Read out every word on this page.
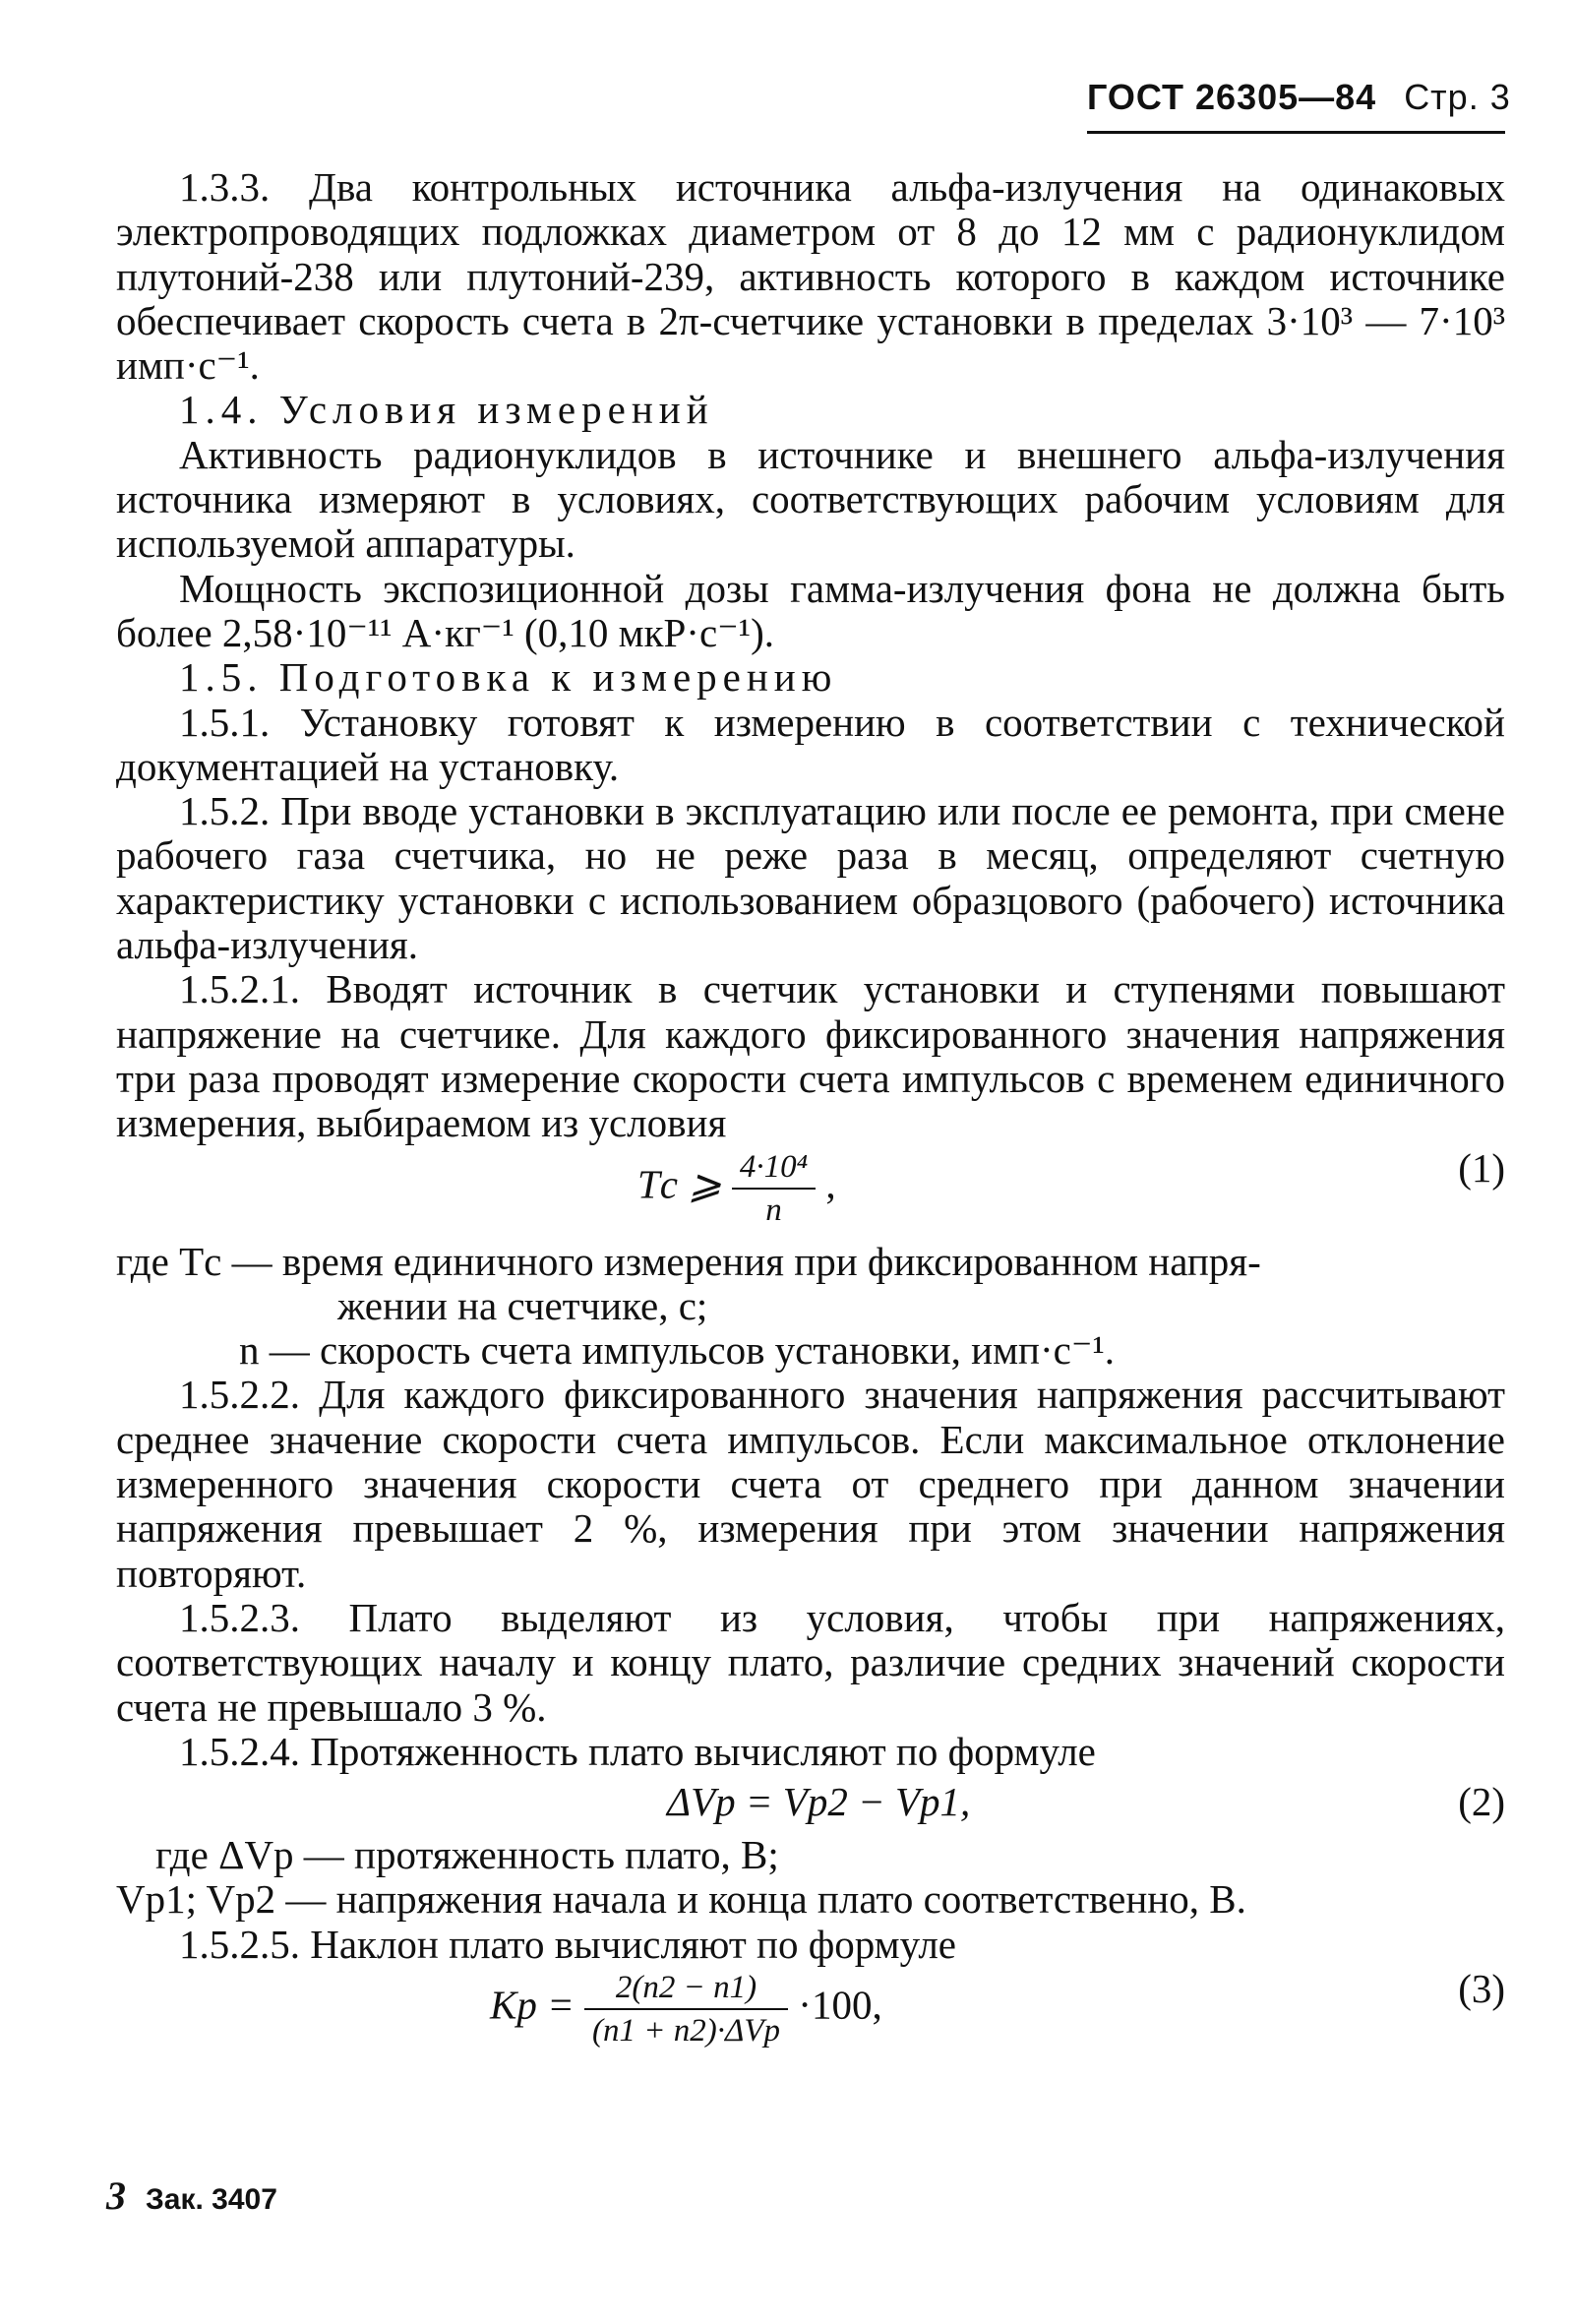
ГОСТ 26305—84 Стр. 3
1.3.3. Два контрольных источника альфа-излучения на одинаковых электропроводящих подложках диаметром от 8 до 12 мм с радионуклидом плутоний-238 или плутоний-239, активность которого в каждом источнике обеспечивает скорость счета в 2π-счетчике установки в пределах 3·10³ — 7·10³ имп·с⁻¹.
1.4. Условия измерений
Активность радионуклидов в источнике и внешнего альфа-излучения источника измеряют в условиях, соответствующих рабочим условиям для используемой аппаратуры.
Мощность экспозиционной дозы гамма-излучения фона не должна быть более 2,58·10⁻¹¹ А·кг⁻¹ (0,10 мкР·с⁻¹).
1.5. Подготовка к измерению
1.5.1. Установку готовят к измерению в соответствии с технической документацией на установку.
1.5.2. При вводе установки в эксплуатацию или после ее ремонта, при смене рабочего газа счетчика, но не реже раза в месяц, определяют счетную характеристику установки с использованием образцового (рабочего) источника альфа-излучения.
1.5.2.1. Вводят источник в счетчик установки и ступенями повышают напряжение на счетчике. Для каждого фиксированного значения напряжения три раза проводят измерение скорости счета импульсов с временем единичного измерения, выбираемом из условия
Tс ⩾ $\frac{\text{4·10⁴}}{n}$ ,	(1)
где Tс — время единичного измерения при фиксированном напря-
жении на счетчике, с;
n — скорость счета импульсов установки, имп·с⁻¹.
1.5.2.2. Для каждого фиксированного значения напряжения рассчитывают среднее значение скорости счета импульсов. Если максимальное отклонение измеренного значения скорости счета от среднего при данном значении напряжения превышает 2 %, измерения при этом значении напряжения повторяют.
1.5.2.3. Плато выделяют из условия, чтобы при напряжениях, соответствующих началу и концу плато, различие средних значений скорости счета не превышало 3 %.
1.5.2.4. Протяженность плато вычисляют по формуле
ΔVp = Vp2 − Vp1,	(2)
где ΔVp — протяженность плато, В;
Vp1; Vp2 — напряжения начала и конца плато соответственно, В.
1.5.2.5. Наклон плато вычисляют по формуле
$Kp = \frac{2(n2 - n1)}{\text{(n1 + n2)·ΔVp}} \cdot 100$,	(3)
3 Зак. 3407
